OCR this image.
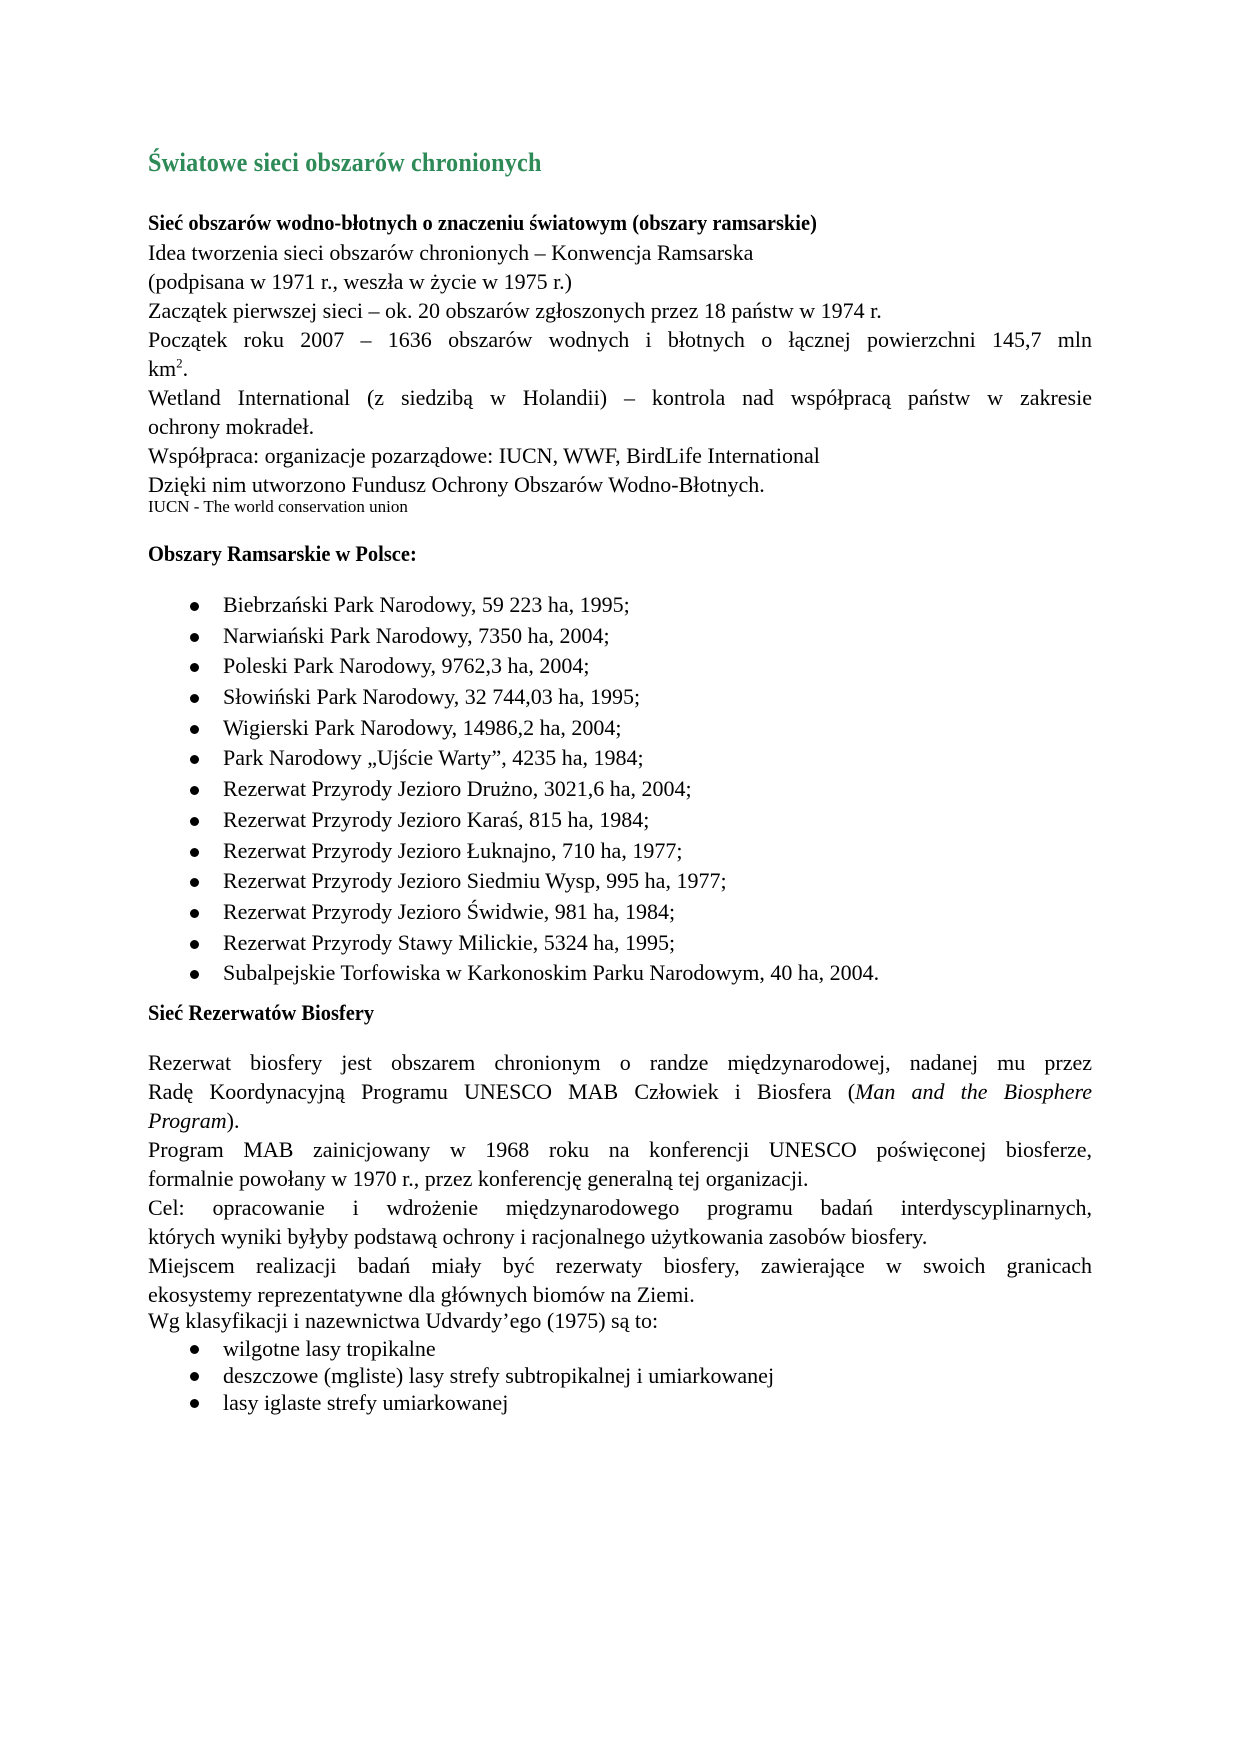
Światowe sieci obszarów chronionych
Sieć obszarów wodno-błotnych o znaczeniu światowym (obszary ramsarskie)
Idea tworzenia sieci obszarów chronionych – Konwencja Ramsarska
(podpisana w 1971 r., weszła w życie w 1975 r.)
Zaczątek pierwszej sieci – ok. 20 obszarów zgłoszonych przez 18 państw w 1974 r.
Początek roku 2007 – 1636 obszarów wodnych i błotnych o łącznej powierzchni 145,7 mln
$km^2$.
Wetland International (z siedzibą w Holandii) – kontrola nad współpracą państw w zakresie
ochrony mokradeł.
Współpraca: organizacje pozarządowe: IUCN, WWF, BirdLife International
Dzięki nim utworzono Fundusz Ochrony Obszarów Wodno-Błotnych.
IUCN - The world conservation union
Obszary Ramsarskie w Polsce:
Biebrzański Park Narodowy, 59 223 ha, 1995;
Narwiański Park Narodowy, 7350 ha, 2004;
Poleski Park Narodowy, 9762,3 ha, 2004;
Słowiński Park Narodowy, 32 744,03 ha, 1995;
Wigierski Park Narodowy, 14986,2 ha, 2004;
Park Narodowy „Ujście Warty”, 4235 ha, 1984;
Rezerwat Przyrody Jezioro Drużno, 3021,6 ha, 2004;
Rezerwat Przyrody Jezioro Karaś, 815 ha, 1984;
Rezerwat Przyrody Jezioro Łuknajno, 710 ha, 1977;
Rezerwat Przyrody Jezioro Siedmiu Wysp, 995 ha, 1977;
Rezerwat Przyrody Jezioro Świdwie, 981 ha, 1984;
Rezerwat Przyrody Stawy Milickie, 5324 ha, 1995;
Subalpejskie Torfowiska w Karkonoskim Parku Narodowym, 40 ha, 2004.
Sieć Rezerwatów Biosfery
Rezerwat biosfery jest obszarem chronionym o randze międzynarodowej, nadanej mu przez
Radę Koordynacyjną Programu UNESCO MAB Człowiek i Biosfera (Man and the Biosphere
Program).
Program MAB zainicjowany w 1968 roku na konferencji UNESCO poświęconej biosferze,
formalnie powołany w 1970 r., przez konferencję generalną tej organizacji.
Cel: opracowanie i wdrożenie międzynarodowego programu badań interdyscyplinarnych,
których wyniki byłyby podstawą ochrony i racjonalnego użytkowania zasobów biosfery.
Miejscem realizacji badań miały być rezerwaty biosfery, zawierające w swoich granicach
ekosystemy reprezentatywne dla głównych biomów na Ziemi.
Wg klasyfikacji i nazewnictwa Udvardy’ego (1975) są to:
wilgotne lasy tropikalne
deszczowe (mgliste) lasy strefy subtropikalnej i umiarkowanej
lasy iglaste strefy umiarkowanej
